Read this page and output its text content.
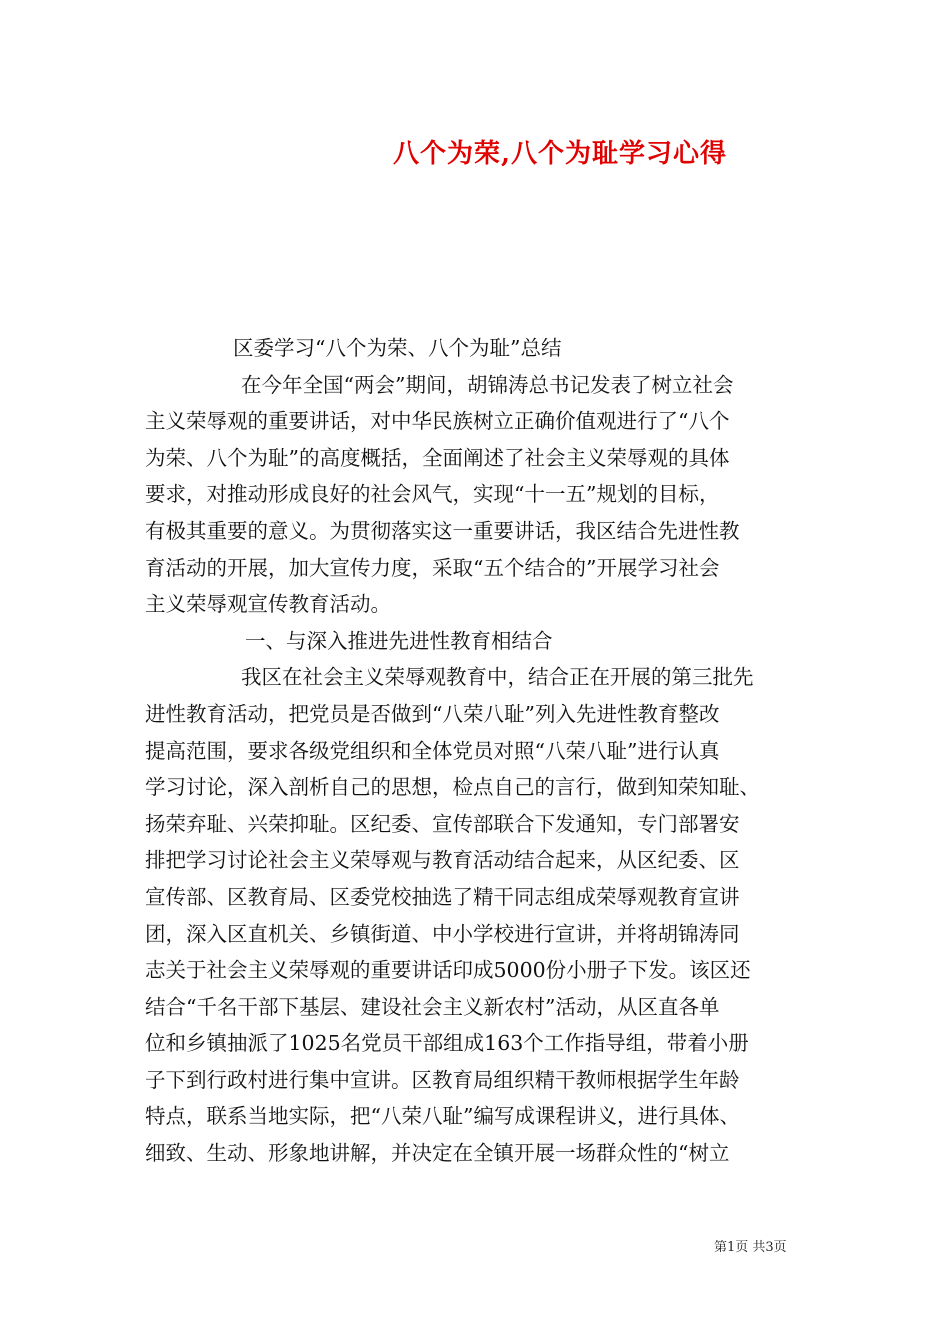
八个为荣,八个为耻学习心得
区委学习“八个为荣、八个为耻”总结
在今年全国“两会”期间，胡锦涛总书记发表了树立社会
主义荣辱观的重要讲话，对中华民族树立正确价值观进行了“八个
为荣、八个为耻”的高度概括，全面阐述了社会主义荣辱观的具体
要求，对推动形成良好的社会风气，实现“十一五”规划的目标，
有极其重要的意义。为贯彻落实这一重要讲话，我区结合先进性教
育活动的开展，加大宣传力度，采取“五个结合的”开展学习社会
主义荣辱观宣传教育活动。
一、与深入推进先进性教育相结合
我区在社会主义荣辱观教育中，结合正在开展的第三批先
进性教育活动，把党员是否做到“八荣八耻”列入先进性教育整改
提高范围，要求各级党组织和全体党员对照“八荣八耻”进行认真
学习讨论，深入剖析自己的思想，检点自己的言行，做到知荣知耻、
扬荣弃耻、兴荣抑耻。区纪委、宣传部联合下发通知，专门部署安
排把学习讨论社会主义荣辱观与教育活动结合起来，从区纪委、区
宣传部、区教育局、区委党校抽选了精干同志组成荣辱观教育宣讲
团，深入区直机关、乡镇街道、中小学校进行宣讲，并将胡锦涛同
志关于社会主义荣辱观的重要讲话印成5000份小册子下发。该区还
结合“千名干部下基层、建设社会主义新农村”活动，从区直各单
位和乡镇抽派了1025名党员干部组成163个工作指导组，带着小册
子下到行政村进行集中宣讲。区教育局组织精干教师根据学生年龄
特点，联系当地实际，把“八荣八耻”编写成课程讲义，进行具体、
细致、生动、形象地讲解，并决定在全镇开展一场群众性的“树立
第1页 共3页
